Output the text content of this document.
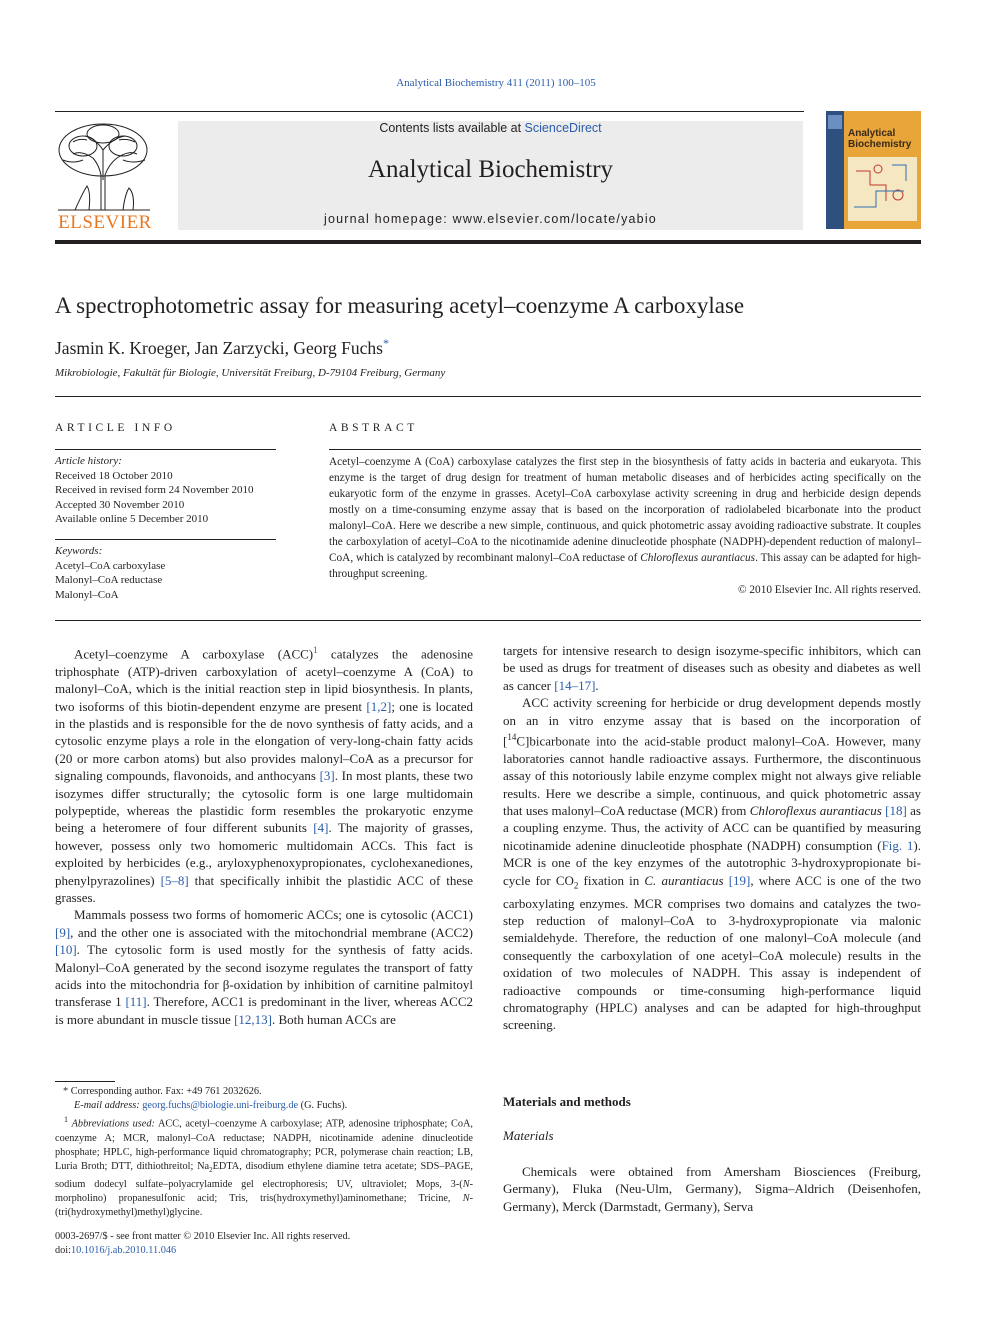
Analytical Biochemistry 411 (2011) 100–105
ELSEVIER
Contents lists available at ScienceDirect
Analytical Biochemistry
journal homepage: www.elsevier.com/locate/yabio
Analytical
Biochemistry
A spectrophotometric assay for measuring acetyl–coenzyme A carboxylase
Jasmin K. Kroeger, Jan Zarzycki, Georg Fuchs*
Mikrobiologie, Fakultät für Biologie, Universität Freiburg, D-79104 Freiburg, Germany
ARTICLE INFO
Article history:
Received 18 October 2010
Received in revised form 24 November 2010
Accepted 30 November 2010
Available online 5 December 2010
Keywords:
Acetyl–CoA carboxylase
Malonyl–CoA reductase
Malonyl–CoA
ABSTRACT
Acetyl–coenzyme A (CoA) carboxylase catalyzes the first step in the biosynthesis of fatty acids in bacteria and eukaryota. This enzyme is the target of drug design for treatment of human metabolic diseases and of herbicides acting specifically on the eukaryotic form of the enzyme in grasses. Acetyl–CoA carboxylase activity screening in drug and herbicide design depends mostly on a time-consuming enzyme assay that is based on the incorporation of radiolabeled bicarbonate into the product malonyl–CoA. Here we describe a new simple, continuous, and quick photometric assay avoiding radioactive substrate. It couples the carboxylation of acetyl–CoA to the nicotinamide adenine dinucleotide phosphate (NADPH)-dependent reduction of malonyl–CoA, which is catalyzed by recombinant malonyl–CoA reductase of Chloroflexus aurantiacus. This assay can be adapted for high-throughput screening.
© 2010 Elsevier Inc. All rights reserved.

Acetyl–coenzyme A carboxylase (ACC)$^1$ catalyzes the adenosine triphosphate (ATP)-driven carboxylation of acetyl–coenzyme A (CoA) to malonyl–CoA, which is the initial reaction step in lipid biosynthesis. In plants, two isoforms of this biotin-dependent enzyme are present [1,2]; one is located in the plastids and is responsible for the de novo synthesis of fatty acids, and a cytosolic enzyme plays a role in the elongation of very-long-chain fatty acids (20 or more carbon atoms) but also provides malonyl–CoA as a precursor for signaling compounds, flavonoids, and anthocyans [3]. In most plants, these two isozymes differ structurally; the cytosolic form is one large multidomain polypeptide, whereas the plastidic form resembles the prokaryotic enzyme being a heteromere of four different subunits [4]. The majority of grasses, however, possess only two homomeric multidomain ACCs. This fact is exploited by herbicides (e.g., aryloxyphenoxypropionates, cyclohexanediones, phenylpyrazolines) [5–8] that specifically inhibit the plastidic ACC of these grasses.

Mammals possess two forms of homomeric ACCs; one is cytosolic (ACC1) [9], and the other one is associated with the mitochondrial membrane (ACC2) [10]. The cytosolic form is used mostly for the synthesis of fatty acids. Malonyl–CoA generated by the second isozyme regulates the transport of fatty acids into the mitochondria for β-oxidation by inhibition of carnitine palmitoyl transferase 1 [11]. Therefore, ACC1 is predominant in the liver, whereas ACC2 is more abundant in muscle tissue [12,13]. Both human ACCs are

* Corresponding author. Fax: +49 761 2032626.
E-mail address: georg.fuchs@biologie.uni-freiburg.de (G. Fuchs).
$^1$ Abbreviations used: ACC, acetyl–coenzyme A carboxylase; ATP, adenosine triphosphate; CoA, coenzyme A; MCR, malonyl–CoA reductase; NADPH, nicotinamide adenine dinucleotide phosphate; HPLC, high-performance liquid chromatography; PCR, polymerase chain reaction; LB, Luria Broth; DTT, dithiothreitol; $Na_2EDTA$, disodium ethylene diamine tetra acetate; SDS–PAGE, sodium dodecyl sulfate–polyacrylamide gel electrophoresis; UV, ultraviolet; Mops, 3-(N-morpholino) propanesulfonic acid; Tris, tris(hydroxymethyl)aminomethane; Tricine, N-(tri(hydroxymethyl)methyl)glycine.
0003-2697/$ - see front matter © 2010 Elsevier Inc. All rights reserved.
doi:10.1016/j.ab.2010.11.046

targets for intensive research to design isozyme-specific inhibitors, which can be used as drugs for treatment of diseases such as obesity and diabetes as well as cancer [14–17].

ACC activity screening for herbicide or drug development depends mostly on an in vitro enzyme assay that is based on the incorporation of [$^{14}$C]bicarbonate into the acid-stable product malonyl–CoA. However, many laboratories cannot handle radioactive assays. Furthermore, the discontinuous assay of this notoriously labile enzyme complex might not always give reliable results. Here we describe a simple, continuous, and quick photometric assay that uses malonyl–CoA reductase (MCR) from Chloroflexus aurantiacus [18] as a coupling enzyme. Thus, the activity of ACC can be quantified by measuring nicotinamide adenine dinucleotide phosphate (NADPH) consumption (Fig. 1). MCR is one of the key enzymes of the autotrophic 3-hydroxypropionate bi-cycle for $CO_2$ fixation in C. aurantiacus [19], where ACC is one of the two carboxylating enzymes. MCR comprises two domains and catalyzes the two-step reduction of malonyl–CoA to 3-hydroxypropionate via malonic semialdehyde. Therefore, the reduction of one malonyl–CoA molecule (and consequently the carboxylation of one acetyl–CoA molecule) results in the oxidation of two molecules of NADPH. This assay is independent of radioactive compounds or time-consuming high-performance liquid chromatography (HPLC) analyses and can be adapted for high-throughput screening.

Materials and methods
Materials

Chemicals were obtained from Amersham Biosciences (Freiburg, Germany), Fluka (Neu-Ulm, Germany), Sigma–Aldrich (Deisenhofen, Germany), Merck (Darmstadt, Germany), Serva
